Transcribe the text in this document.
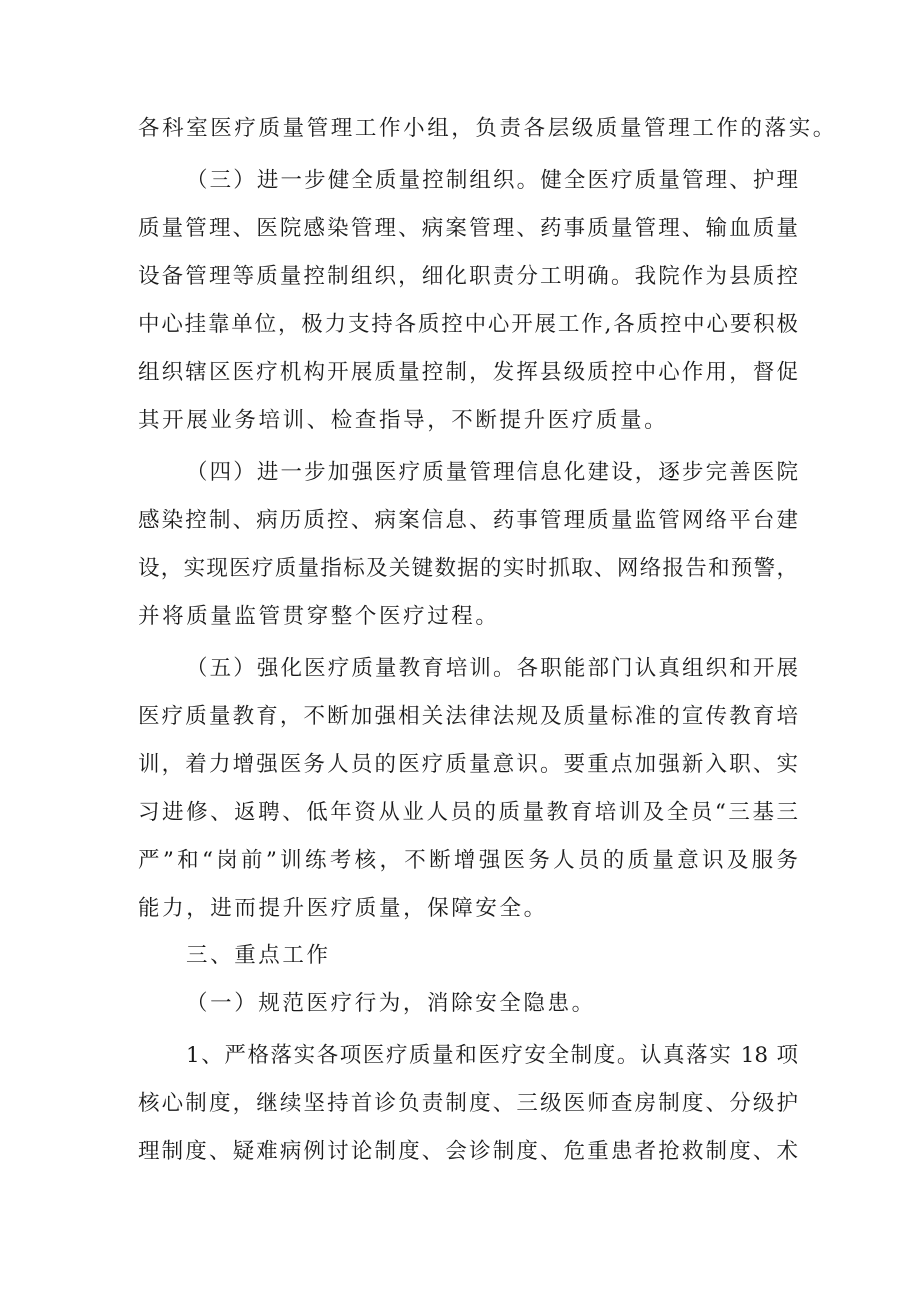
各科室医疗质量管理工作小组，负责各层级质量管理工作的落实。
（三）进一步健全质量控制组织。健全医疗质量管理、护理
质量管理、医院感染管理、病案管理、药事质量管理、输血质量
设备管理等质量控制组织，细化职责分工明确。我院作为县质控
中心挂靠单位，极力支持各质控中心开展工作,各质控中心要积极
组织辖区医疗机构开展质量控制，发挥县级质控中心作用，督促
其开展业务培训、检查指导，不断提升医疗质量。
（四）进一步加强医疗质量管理信息化建设，逐步完善医院
感染控制、病历质控、病案信息、药事管理质量监管网络平台建
设，实现医疗质量指标及关键数据的实时抓取、网络报告和预警，
并将质量监管贯穿整个医疗过程。
（五）强化医疗质量教育培训。各职能部门认真组织和开展
医疗质量教育，不断加强相关法律法规及质量标准的宣传教育培
训，着力增强医务人员的医疗质量意识。要重点加强新入职、实
习进修、返聘、低年资从业人员的质量教育培训及全员“三基三
严”和“岗前”训练考核，不断增强医务人员的质量意识及服务
能力，进而提升医疗质量，保障安全。
三、重点工作
（一）规范医疗行为，消除安全隐患。
1、严格落实各项医疗质量和医疗安全制度。认真落实 18 项
核心制度，继续坚持首诊负责制度、三级医师查房制度、分级护
理制度、疑难病例讨论制度、会诊制度、危重患者抢救制度、术
